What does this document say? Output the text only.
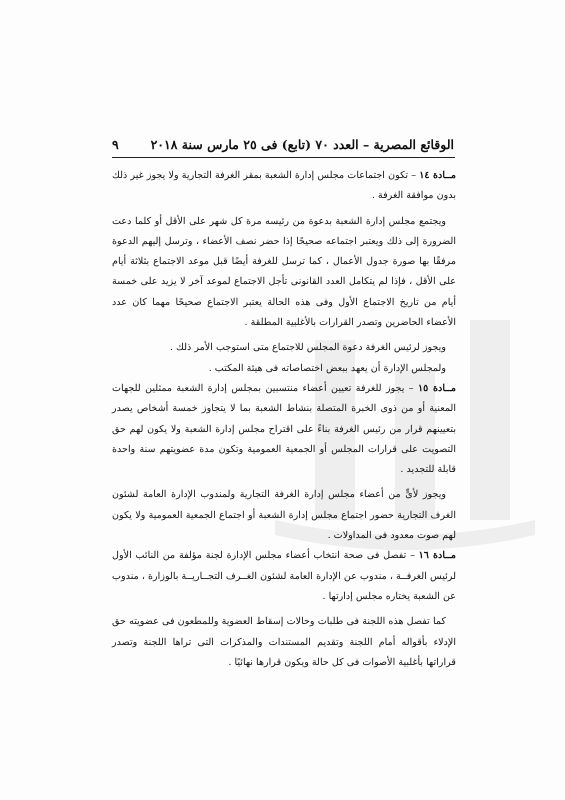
الوقائع المصرية – العدد ٧٠ (تابع) فى ٢٥ مارس سنة ٢٠١٨
٩

مــادة ١٤ – تكون اجتماعات مجلس إدارة الشعبة بمقر الغرفة التجارية ولا يجوز غير ذلك بدون موافقة الغرفة .

ويجتمع مجلس إدارة الشعبة بدعوة من رئيسه مرة كل شهر على الأقل أو كلما دعت الضرورة إلى ذلك ويعتبر اجتماعه صحيحًا إذا حضر نصف الأعضاء ، وترسل إليهم الدعوة مرفقًا بها صورة جدول الأعمال ، كما ترسل للغرفة أيضًا قبل موعد الاجتماع بثلاثة أيام على الأقل ، فإذا لم يتكامل العدد القانونى تأجل الاجتماع لموعد آخر لا يزيد على خمسة أيام من تاريخ الاجتماع الأول وفى هذه الحالة يعتبر الاجتماع صحيحًا مهما كان عدد الأعضاء الحاضرين وتصدر القرارات بالأغلبية المطلقة .

ويجوز لرئيس الغرفة دعوة المجلس للاجتماع متى استوجب الأمر ذلك .

ولمجلس الإدارة أن يعهد ببعض اختصاصاته فى هيئة المكتب .

مــادة ١٥ – يجوز للغرفة تعيين أعضاء منتسبين بمجلس إدارة الشعبة ممثلين للجهات المعنية أو من ذوى الخبرة المتصلة بنشاط الشعبة بما لا يتجاوز خمسة أشخاص يصدر بتعيينهم قرار من رئيس الغرفة بناءً على اقتراح مجلس إدارة الشعبة ولا يكون لهم حق التصويت على قرارات المجلس أو الجمعية العمومية وتكون مدة عضويتهم سنة واحدة قابلة للتجديد .

ويجوز لأىٍّ من أعضاء مجلس إدارة الغرفة التجارية ولمندوب الإدارة العامة لشئون الغرف التجارية حضور اجتماع مجلس إدارة الشعبة أو اجتماع الجمعية العمومية ولا يكون لهم صوت معدود فى المداولات .

مــادة ١٦ – تفصل فى صحة انتخاب أعضاء مجلس الإدارة لجنة مؤلفة من النائب الأول لرئيس الغرفــة ، مندوب عن الإدارة العامة لشئون الغــرف التجــاريــة بالوزارة ، مندوب عن الشعبة يختاره مجلس إدارتها .

كما تفصل هذه اللجنة فى طلبات وحالات إسقاط العضوية وللمطعون فى عضويته حق الإدلاء بأقواله أمام اللجنة وتقديم المستندات والمذكرات التى تراها اللجنة وتصدر قراراتها بأغلبية الأصوات فى كل حالة ويكون قرارها نهائيًا .
